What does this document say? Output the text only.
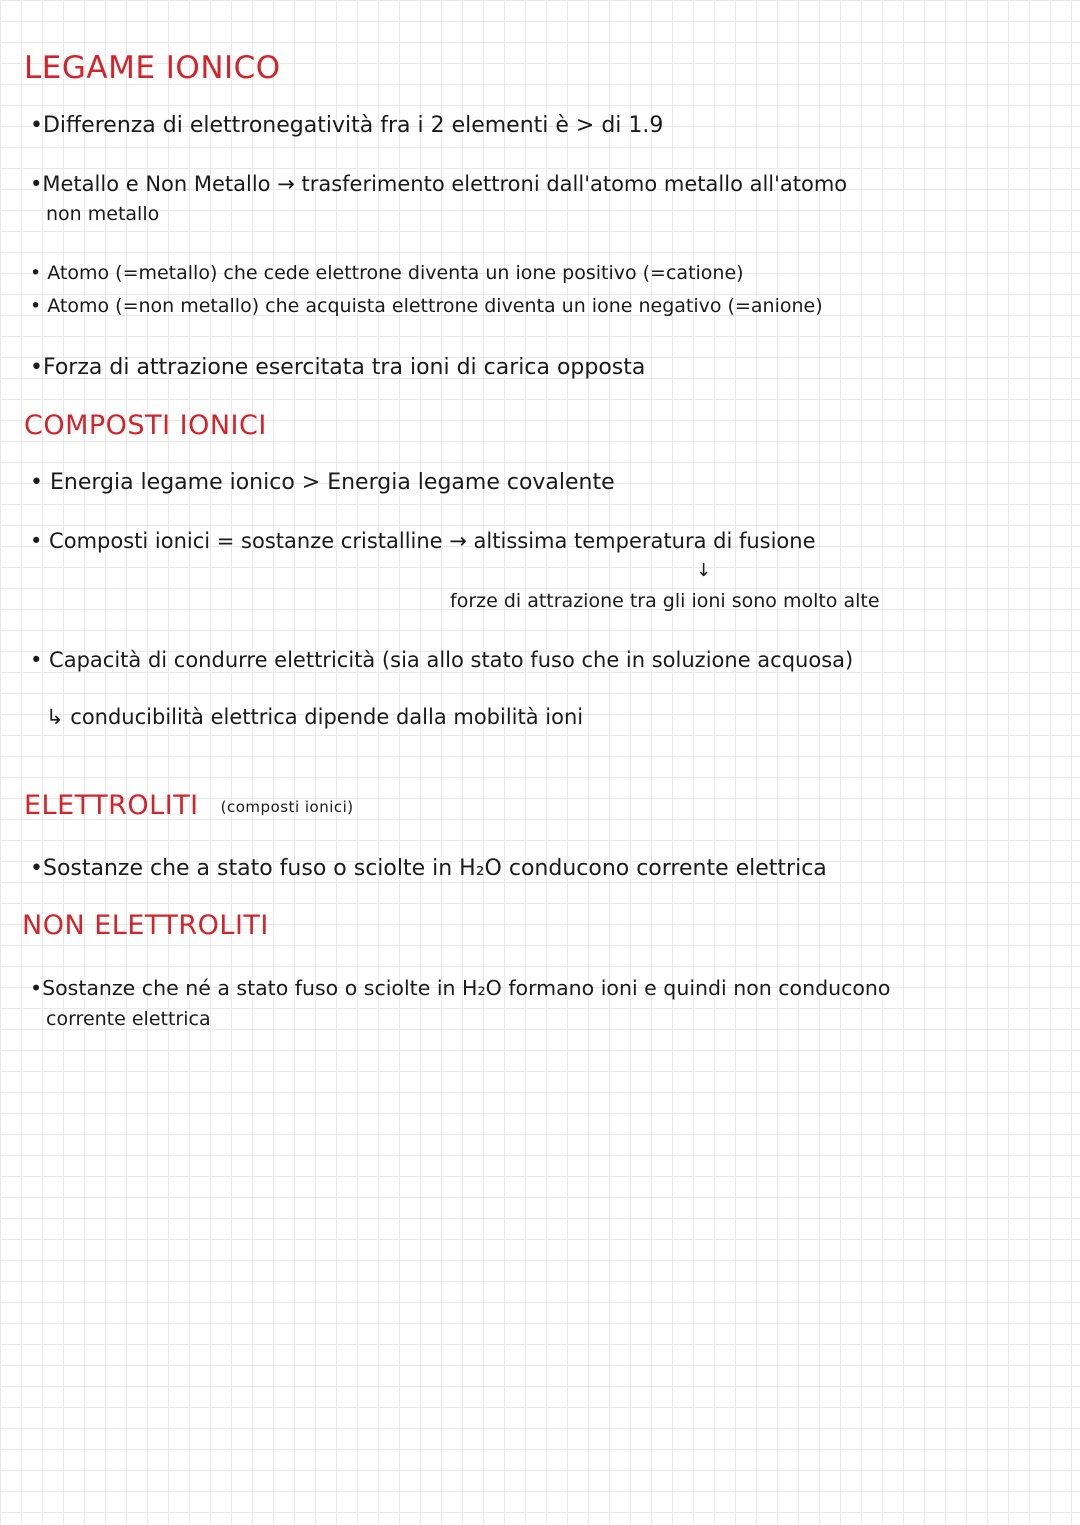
LEGAME IONICO
•Differenza di elettronegatività fra i 2 elementi è > di 1.9
•Metallo e Non Metallo → trasferimento elettroni dall'atomo metallo all'atomo
non metallo
• Atomo (=metallo) che cede elettrone diventa un ione positivo (=catione)
• Atomo (=non metallo) che acquista elettrone diventa un ione negativo (=anione)
•Forza di attrazione esercitata tra ioni di carica opposta
COMPOSTI IONICI
• Energia legame ionico > Energia legame covalente
• Composti ionici = sostanze cristalline → altissima temperatura di fusione
↓
forze di attrazione tra gli ioni sono molto alte
• Capacità di condurre elettricità (sia allo stato fuso che in soluzione acquosa)
↳ conducibilità elettrica dipende dalla mobilità ioni
ELETTROLITI (composti ionici)
•Sostanze che a stato fuso o sciolte in H₂O conducono corrente elettrica
NON ELETTROLITI
•Sostanze che né a stato fuso o sciolte in H₂O formano ioni e quindi non conducono
corrente elettrica
